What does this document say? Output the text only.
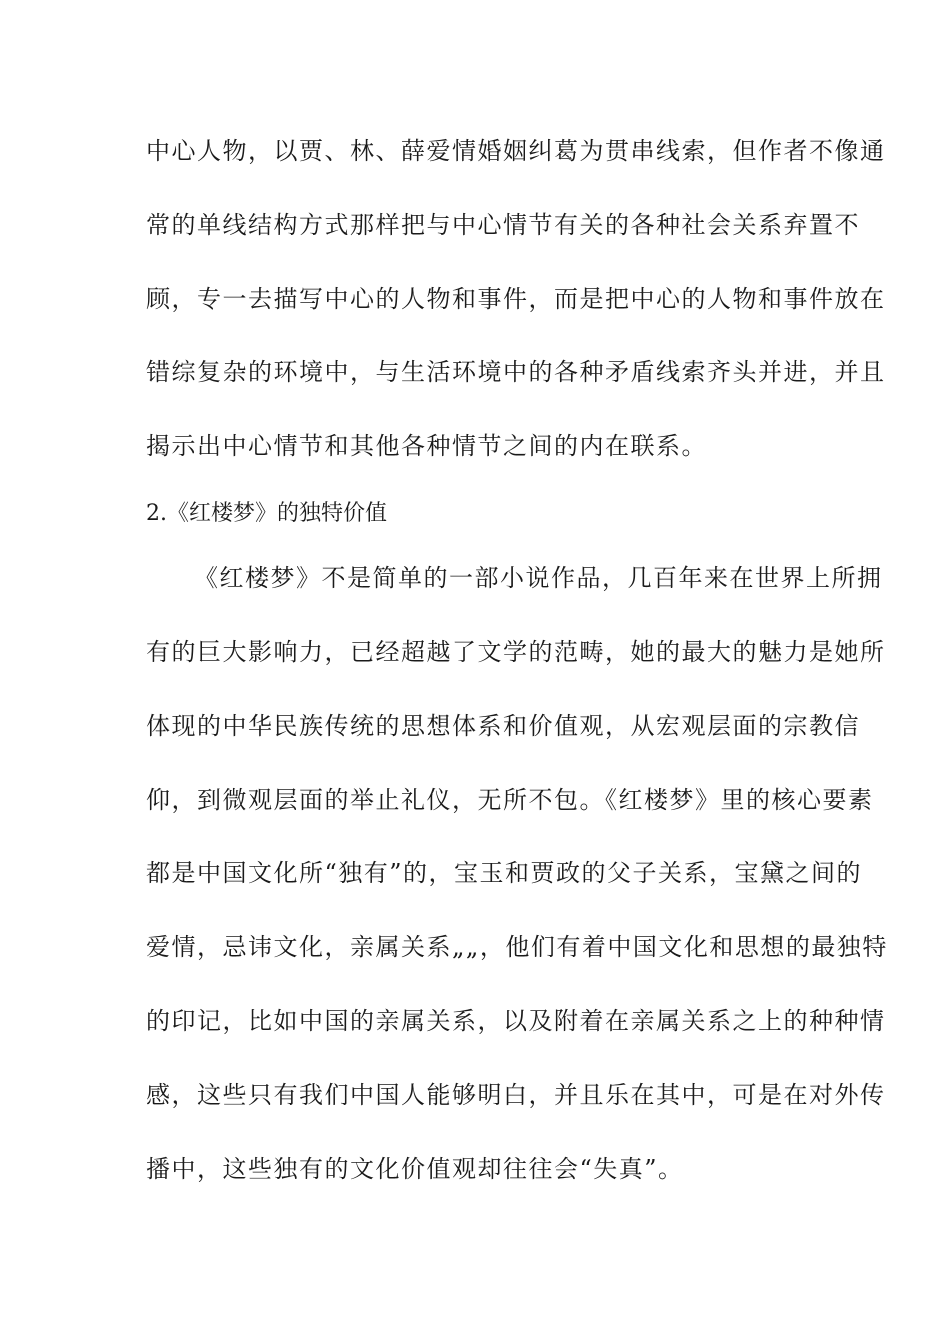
中心人物，以贾、林、薛爱情婚姻纠葛为贯串线索，但作者不像通
常的单线结构方式那样把与中心情节有关的各种社会关系弃置不
顾，专一去描写中心的人物和事件，而是把中心的人物和事件放在
错综复杂的环境中，与生活环境中的各种矛盾线索齐头并进，并且
揭示出中心情节和其他各种情节之间的内在联系。
2.《红楼梦》的独特价值
《红楼梦》不是简单的一部小说作品，几百年来在世界上所拥
有的巨大影响力，已经超越了文学的范畴，她的最大的魅力是她所
体现的中华民族传统的思想体系和价值观，从宏观层面的宗教信
仰，到微观层面的举止礼仪，无所不包。《红楼梦》里的核心要素
都是中国文化所“独有”的，宝玉和贾政的父子关系，宝黛之间的
爱情，忌讳文化，亲属关系„„，他们有着中国文化和思想的最独特
的印记，比如中国的亲属关系，以及附着在亲属关系之上的种种情
感，这些只有我们中国人能够明白，并且乐在其中，可是在对外传
播中，这些独有的文化价值观却往往会“失真”。
